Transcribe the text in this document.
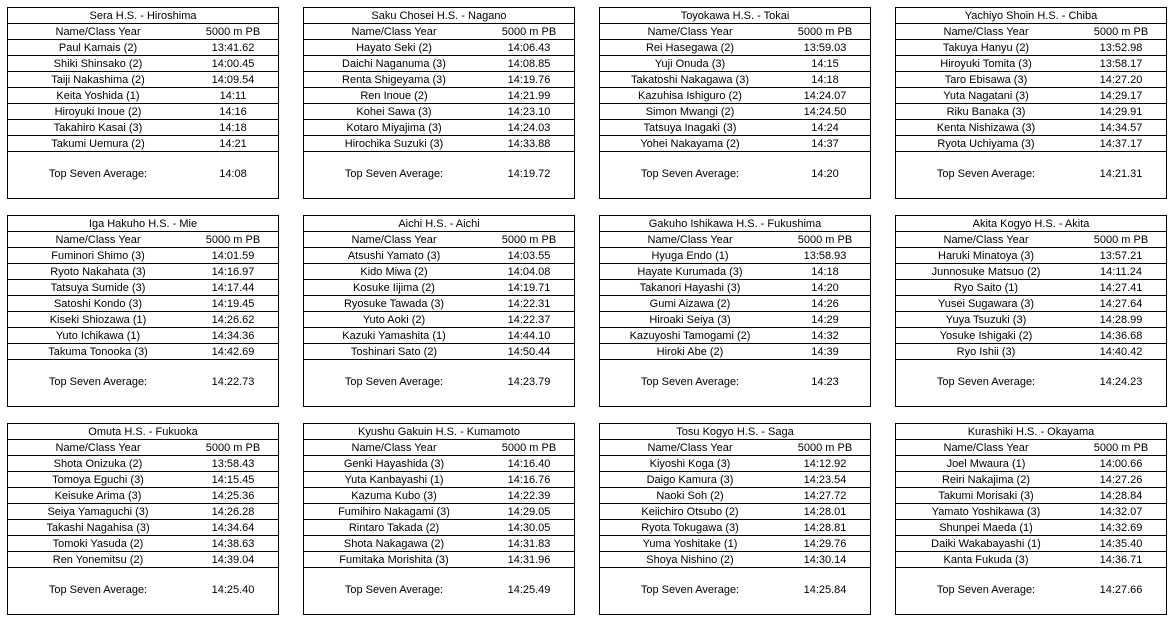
Sera H.S. - Hiroshima
Name/Class Year	5000 m PB
Paul Kamais (2)	13:41.62
Shiki Shinsako (2)	14:00.45
Taiji Nakashima (2)	14:09.54
Keita Yoshida (1)	14:11
Hiroyuki Inoue (2)	14:16
Takahiro Kasai (3)	14:18
Takumi Uemura (2)	14:21
Top Seven Average:	14:08
Saku Chosei H.S. - Nagano
Name/Class Year	5000 m PB
Hayato Seki (2)	14:06.43
Daichi Naganuma (3)	14:08.85
Renta Shigeyama (3)	14:19.76
Ren Inoue (2)	14:21.99
Kohei Sawa (3)	14:23.10
Kotaro Miyajima (3)	14:24.03
Hirochika Suzuki (3)	14:33.88
Top Seven Average:	14:19.72
Toyokawa H.S. - Tokai
Name/Class Year	5000 m PB
Rei Hasegawa (2)	13:59.03
Yuji Onuda (3)	14:15
Takatoshi Nakagawa (3)	14:18
Kazuhisa Ishiguro (2)	14:24.07
Simon Mwangi (2)	14:24.50
Tatsuya Inagaki (3)	14:24
Yohei Nakayama (2)	14:37
Top Seven Average:	14:20
Yachiyo Shoin H.S. - Chiba
Name/Class Year	5000 m PB
Takuya Hanyu (2)	13:52.98
Hiroyuki Tomita (3)	13:58.17
Taro Ebisawa (3)	14:27.20
Yuta Nagatani (3)	14:29.17
Riku Banaka (3)	14:29.91
Kenta Nishizawa (3)	14:34.57
Ryota Uchiyama (3)	14:37.17
Top Seven Average:	14:21.31
Iga Hakuho H.S. - Mie
Name/Class Year	5000 m PB
Fuminori Shimo (3)	14:01.59
Ryoto Nakahata (3)	14:16.97
Tatsuya Sumide (3)	14:17.44
Satoshi Kondo (3)	14:19.45
Kiseki Shiozawa (1)	14:26.62
Yuto Ichikawa (1)	14:34.36
Takuma Tonooka (3)	14:42.69
Top Seven Average:	14:22.73
Aichi H.S. - Aichi
Name/Class Year	5000 m PB
Atsushi Yamato (3)	14:03.55
Kido Miwa (2)	14:04.08
Kosuke Iijima (2)	14:19.71
Ryosuke Tawada (3)	14:22.31
Yuto Aoki (2)	14:22.37
Kazuki Yamashita (1)	14:44.10
Toshinari Sato (2)	14:50.44
Top Seven Average:	14:23.79
Gakuho Ishikawa H.S. - Fukushima
Name/Class Year	5000 m PB
Hyuga Endo (1)	13:58.93
Hayate Kurumada (3)	14:18
Takanori Hayashi (3)	14:20
Gumi Aizawa (2)	14:26
Hiroaki Seiya (3)	14:29
Kazuyoshi Tamogami (2)	14:32
Hiroki Abe (2)	14:39
Top Seven Average:	14:23
Akita Kogyo H.S. - Akita
Name/Class Year	5000 m PB
Haruki Minatoya (3)	13:57.21
Junnosuke Matsuo (2)	14:11.24
Ryo Saito (1)	14:27.41
Yusei Sugawara (3)	14:27.64
Yuya Tsuzuki (3)	14:28.99
Yosuke Ishigaki (2)	14:36.68
Ryo Ishii (3)	14:40.42
Top Seven Average:	14:24.23
Omuta H.S. - Fukuoka
Name/Class Year	5000 m PB
Shota Onizuka (2)	13:58.43
Tomoya Eguchi (3)	14:15.45
Keisuke Arima (3)	14:25.36
Seiya Yamaguchi (3)	14:26.28
Takashi Nagahisa (3)	14:34.64
Tomoki Yasuda (2)	14:38.63
Ren Yonemitsu (2)	14:39.04
Top Seven Average:	14:25.40
Kyushu Gakuin H.S. - Kumamoto
Name/Class Year	5000 m PB
Genki Hayashida (3)	14:16.40
Yuta Kanbayashi (1)	14:16.76
Kazuma Kubo (3)	14:22.39
Fumihiro Nakagami (3)	14:29.05
Rintaro Takada (2)	14:30.05
Shota Nakagawa (2)	14:31.83
Fumitaka Morishita (3)	14:31.96
Top Seven Average:	14:25.49
Tosu Kogyo H.S. - Saga
Name/Class Year	5000 m PB
Kiyoshi Koga (3)	14:12.92
Daigo Kamura (3)	14:23.54
Naoki Soh (2)	14:27.72
Keiichiro Otsubo (2)	14:28.01
Ryota Tokugawa (3)	14:28.81
Yuma Yoshitake (1)	14:29.76
Shoya Nishino (2)	14:30.14
Top Seven Average:	14:25.84
Kurashiki H.S. - Okayama
Name/Class Year	5000 m PB
Joel Mwaura (1)	14:00.66
Reiri Nakajima (2)	14:27.26
Takumi Morisaki (3)	14:28.84
Yamato Yoshikawa (3)	14:32.07
Shunpei Maeda (1)	14:32.69
Daiki Wakabayashi (1)	14:35.40
Kanta Fukuda (3)	14:36.71
Top Seven Average:	14:27.66
